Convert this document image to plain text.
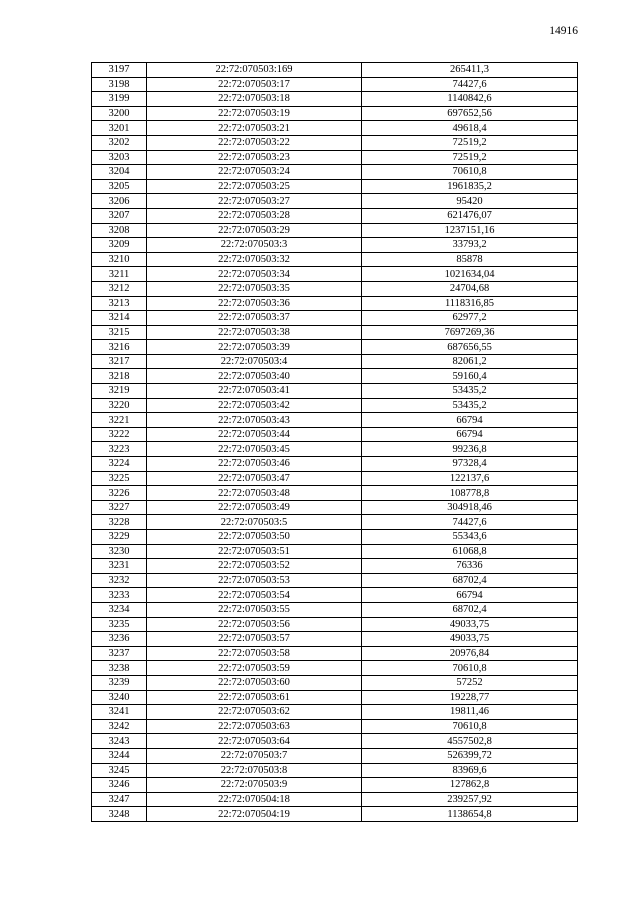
14916
3197	22:72:070503:169	265411,3
3198	22:72:070503:17	74427,6
3199	22:72:070503:18	1140842,6
3200	22:72:070503:19	697652,56
3201	22:72:070503:21	49618,4
3202	22:72:070503:22	72519,2
3203	22:72:070503:23	72519,2
3204	22:72:070503:24	70610,8
3205	22:72:070503:25	1961835,2
3206	22:72:070503:27	95420
3207	22:72:070503:28	621476,07
3208	22:72:070503:29	1237151,16
3209	22:72:070503:3	33793,2
3210	22:72:070503:32	85878
3211	22:72:070503:34	1021634,04
3212	22:72:070503:35	24704,68
3213	22:72:070503:36	1118316,85
3214	22:72:070503:37	62977,2
3215	22:72:070503:38	7697269,36
3216	22:72:070503:39	687656,55
3217	22:72:070503:4	82061,2
3218	22:72:070503:40	59160,4
3219	22:72:070503:41	53435,2
3220	22:72:070503:42	53435,2
3221	22:72:070503:43	66794
3222	22:72:070503:44	66794
3223	22:72:070503:45	99236,8
3224	22:72:070503:46	97328,4
3225	22:72:070503:47	122137,6
3226	22:72:070503:48	108778,8
3227	22:72:070503:49	304918,46
3228	22:72:070503:5	74427,6
3229	22:72:070503:50	55343,6
3230	22:72:070503:51	61068,8
3231	22:72:070503:52	76336
3232	22:72:070503:53	68702,4
3233	22:72:070503:54	66794
3234	22:72:070503:55	68702,4
3235	22:72:070503:56	49033,75
3236	22:72:070503:57	49033,75
3237	22:72:070503:58	20976,84
3238	22:72:070503:59	70610,8
3239	22:72:070503:60	57252
3240	22:72:070503:61	19228,77
3241	22:72:070503:62	19811,46
3242	22:72:070503:63	70610,8
3243	22:72:070503:64	4557502,8
3244	22:72:070503:7	526399,72
3245	22:72:070503:8	83969,6
3246	22:72:070503:9	127862,8
3247	22:72:070504:18	239257,92
3248	22:72:070504:19	1138654,8
